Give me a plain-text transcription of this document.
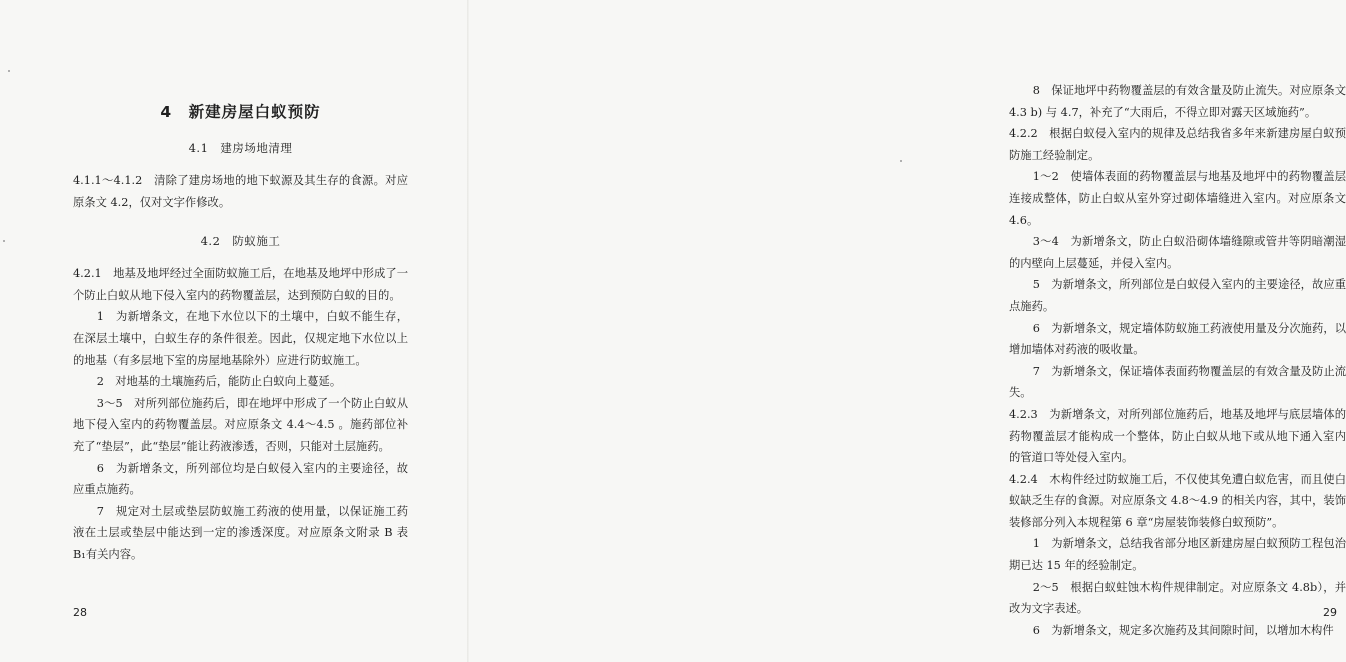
4　新建房屋白蚁预防
4.1　建房场地清理

4.1.1～4.1.2　清除了建房场地的地下蚁源及其生存的食源。对应原条文 4.2，仅对文字作修改。

4.2　防蚁施工

4.2.1　地基及地坪经过全面防蚁施工后，在地基及地坪中形成了一个防止白蚁从地下侵入室内的药物覆盖层，达到预防白蚁的目的。

1　为新增条文，在地下水位以下的土壤中，白蚁不能生存，在深层土壤中，白蚁生存的条件很差。因此，仅规定地下水位以上的地基（有多层地下室的房屋地基除外）应进行防蚁施工。

2　对地基的土壤施药后，能防止白蚁向上蔓延。

3～5　对所列部位施药后，即在地坪中形成了一个防止白蚁从地下侵入室内的药物覆盖层。对应原条文 4.4～4.5 。施药部位补充了“垫层”，此“垫层”能让药液渗透，否则，只能对土层施药。

6　为新增条文，所列部位均是白蚁侵入室内的主要途径，故应重点施药。

7　规定对土层或垫层防蚁施工药液的使用量，以保证施工药液在土层或垫层中能达到一定的渗透深度。对应原条文附录 B 表 B₁有关内容。

28

8　保证地坪中药物覆盖层的有效含量及防止流失。对应原条文 4.3 b) 与 4.7，补充了“大雨后，不得立即对露天区域施药”。

4.2.2　根据白蚁侵入室内的规律及总结我省多年来新建房屋白蚁预防施工经验制定。

1～2　使墙体表面的药物覆盖层与地基及地坪中的药物覆盖层连接成整体，防止白蚁从室外穿过砌体墙缝进入室内。对应原条文 4.6。

3～4　为新增条文，防止白蚁沿砌体墙缝隙或管井等阴暗潮湿的内壁向上层蔓延，并侵入室内。

5　为新增条文，所列部位是白蚁侵入室内的主要途径，故应重点施药。

6　为新增条文，规定墙体防蚁施工药液使用量及分次施药，以增加墙体对药液的吸收量。

7　为新增条文，保证墙体表面药物覆盖层的有效含量及防止流失。

4.2.3　为新增条文，对所列部位施药后，地基及地坪与底层墙体的药物覆盖层才能构成一个整体，防止白蚁从地下或从地下通入室内的管道口等处侵入室内。

4.2.4　木构件经过防蚁施工后，不仅使其免遭白蚁危害，而且使白蚁缺乏生存的食源。对应原条文 4.8～4.9 的相关内容，其中，装饰装修部分列入本规程第 6 章“房屋装饰装修白蚁预防”。

1　为新增条文，总结我省部分地区新建房屋白蚁预防工程包治期已达 15 年的经验制定。

2～5　根据白蚁蛀蚀木构件规律制定。对应原条文 4.8b），并改为文字表述。

6　为新增条文，规定多次施药及其间隙时间，以增加木构件

29
